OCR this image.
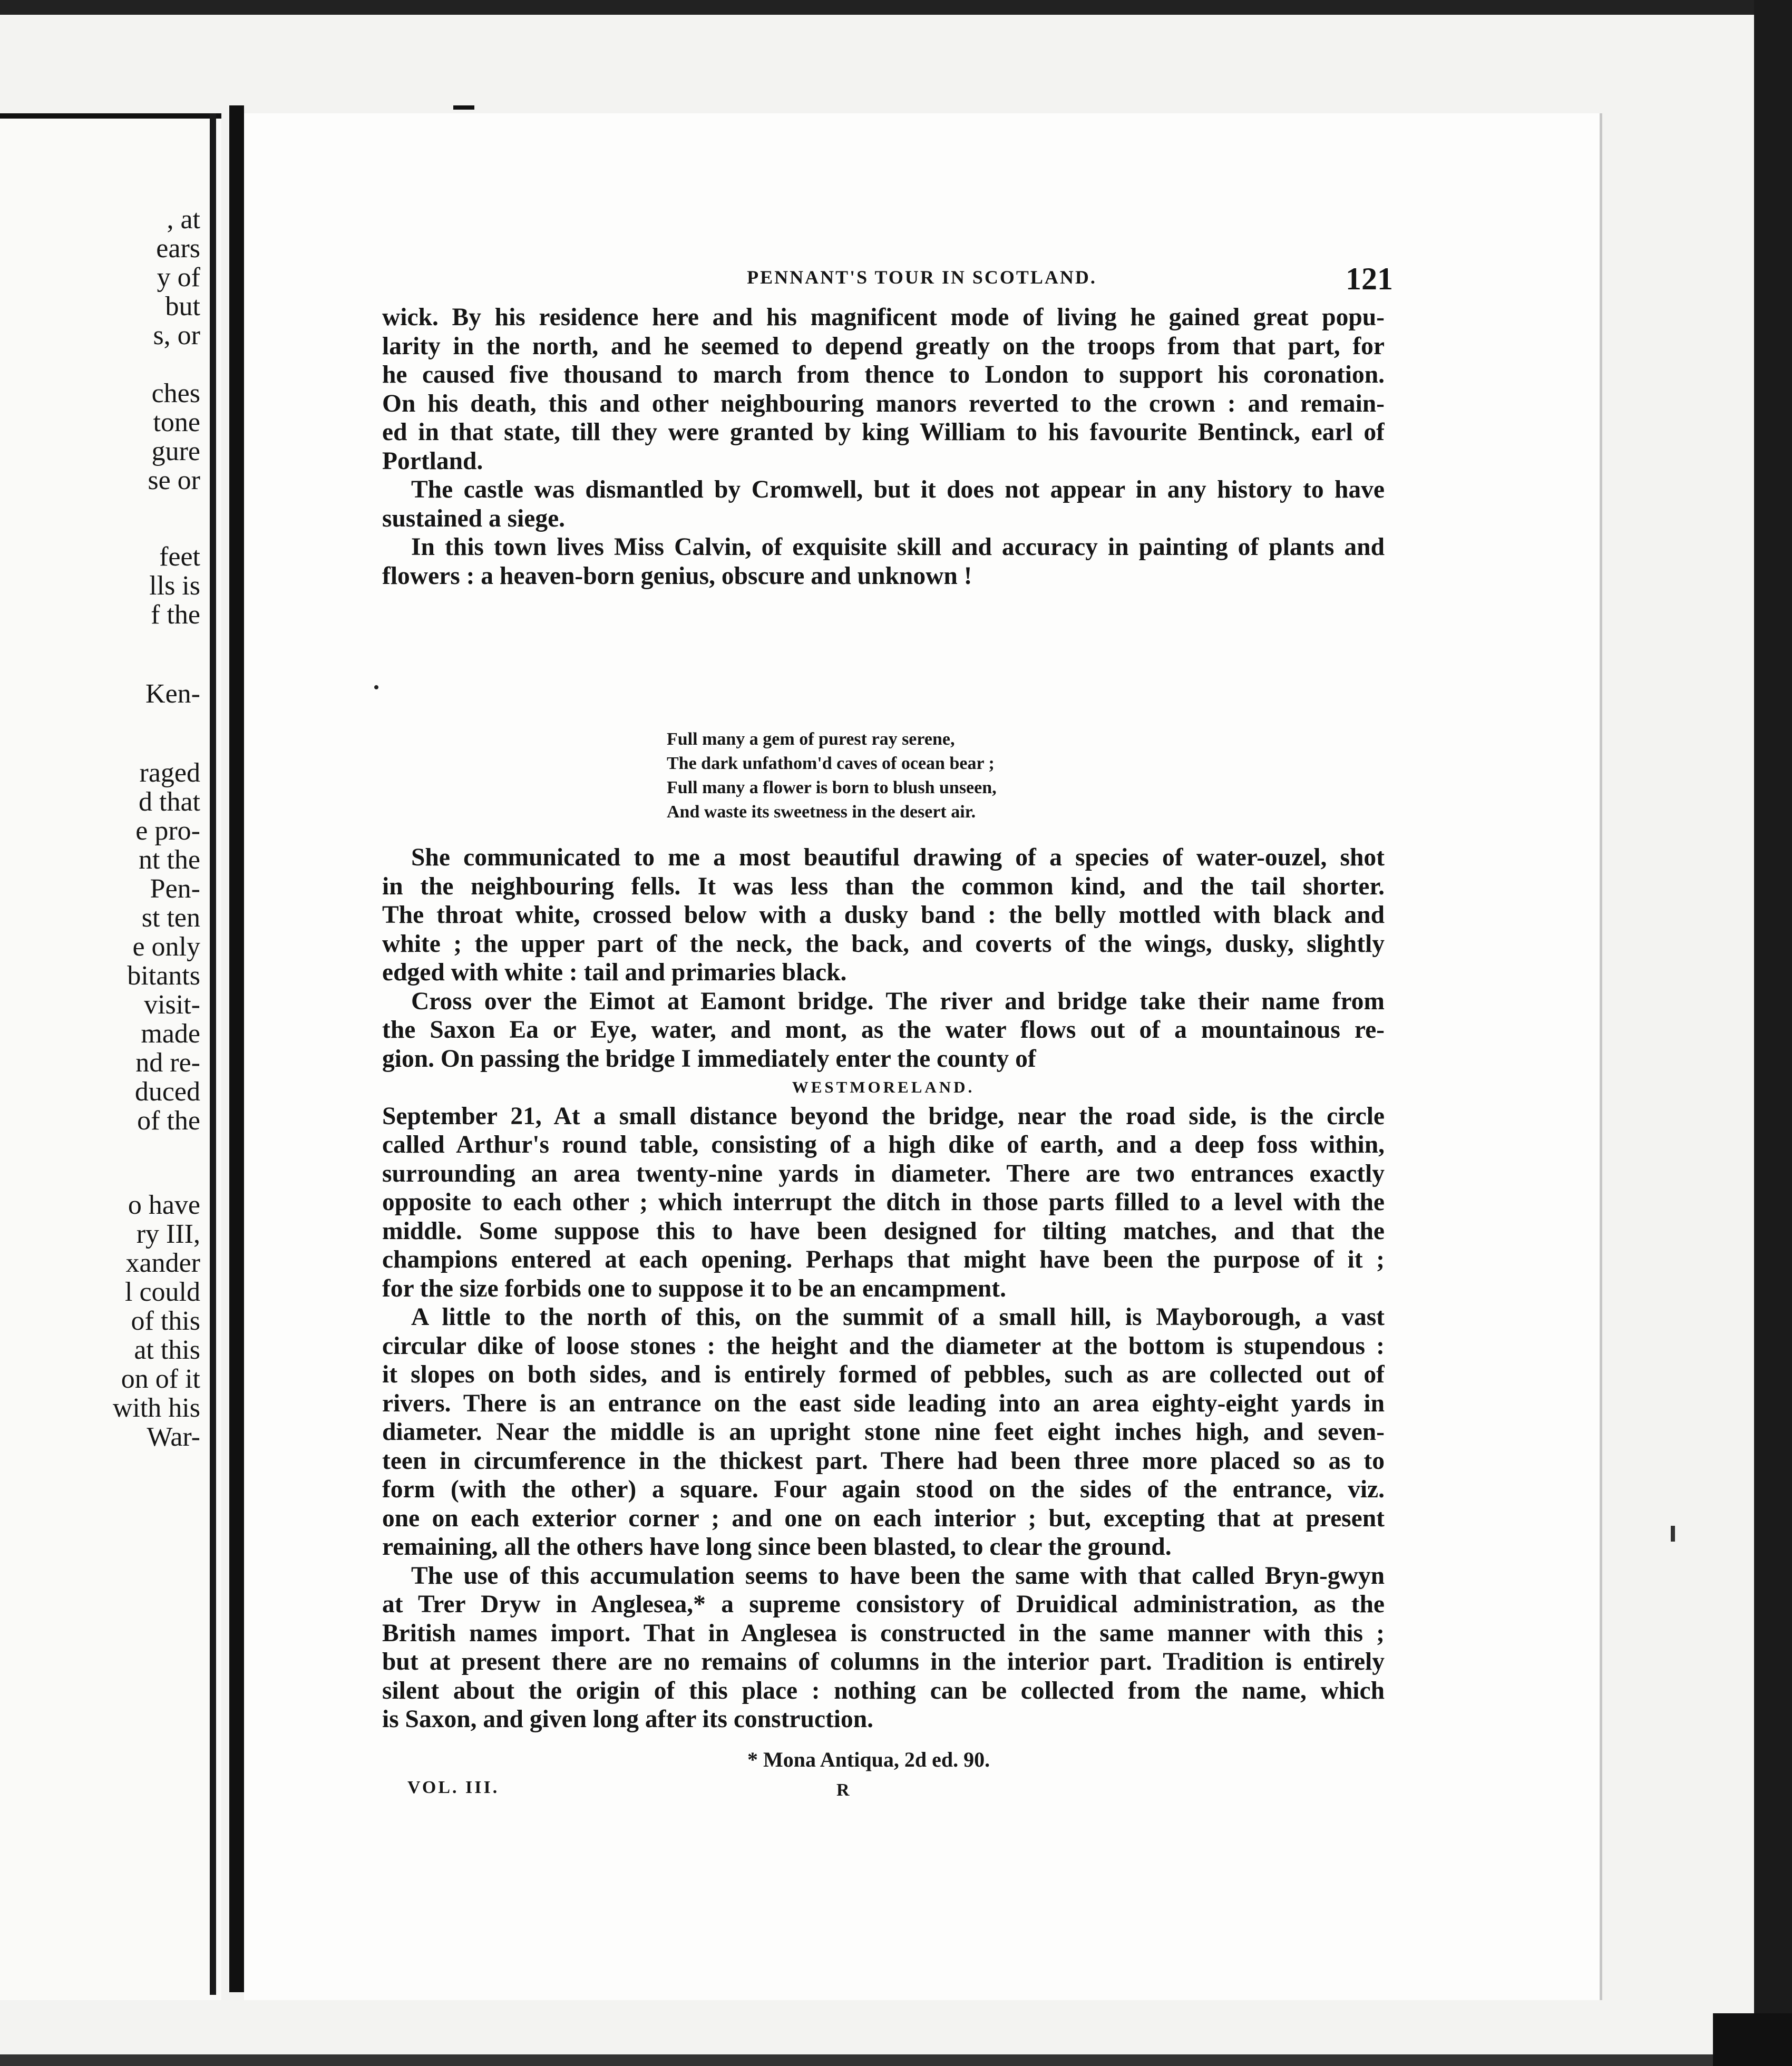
, at
ears
y of
but
s, or
ches
tone
gure
se or
feet
lls is
f the
Ken-
raged
d that
e pro-
nt the
Pen-
st ten
e only
bitants
visit-
made
nd re-
duced
of the
o have
ry III,
xander
l could
of this
at this
on of it
with his
War-
PENNANT'S TOUR IN SCOTLAND.	121
wick. By his residence here and his magnificent mode of living he gained great popu-
larity in the north, and he seemed to depend greatly on the troops from that part, for
he caused five thousand to march from thence to London to support his coronation.
On his death, this and other neighbouring manors reverted to the crown : and remain-
ed in that state, till they were granted by king William to his favourite Bentinck, earl of
Portland.
The castle was dismantled by Cromwell, but it does not appear in any history to have
sustained a siege.
In this town lives Miss Calvin, of exquisite skill and accuracy in painting of plants and
flowers : a heaven-born genius, obscure and unknown !
Full many a gem of purest ray serene,
The dark unfathom'd caves of ocean bear ;
Full many a flower is born to blush unseen,
And waste its sweetness in the desert air.
She communicated to me a most beautiful drawing of a species of water-ouzel, shot
in the neighbouring fells. It was less than the common kind, and the tail shorter.
The throat white, crossed below with a dusky band : the belly mottled with black and
white ; the upper part of the neck, the back, and coverts of the wings, dusky, slightly
edged with white : tail and primaries black.
Cross over the Eimot at Eamont bridge. The river and bridge take their name from
the Saxon Ea or Eye, water, and mont, as the water flows out of a mountainous re-
gion. On passing the bridge I immediately enter the county of
WESTMORELAND.
September 21, At a small distance beyond the bridge, near the road side, is the circle
called Arthur's round table, consisting of a high dike of earth, and a deep foss within,
surrounding an area twenty-nine yards in diameter. There are two entrances exactly
opposite to each other ; which interrupt the ditch in those parts filled to a level with the
middle. Some suppose this to have been designed for tilting matches, and that the
champions entered at each opening. Perhaps that might have been the purpose of it ;
for the size forbids one to suppose it to be an encampment.
A little to the north of this, on the summit of a small hill, is Mayborough, a vast
circular dike of loose stones : the height and the diameter at the bottom is stupendous :
it slopes on both sides, and is entirely formed of pebbles, such as are collected out of
rivers. There is an entrance on the east side leading into an area eighty-eight yards in
diameter. Near the middle is an upright stone nine feet eight inches high, and seven-
teen in circumference in the thickest part. There had been three more placed so as to
form (with the other) a square. Four again stood on the sides of the entrance, viz.
one on each exterior corner ; and one on each interior ; but, excepting that at present
remaining, all the others have long since been blasted, to clear the ground.
The use of this accumulation seems to have been the same with that called Bryn-gwyn
at Trer Dryw in Anglesea,* a supreme consistory of Druidical administration, as the
British names import. That in Anglesea is constructed in the same manner with this ;
but at present there are no remains of columns in the interior part. Tradition is entirely
silent about the origin of this place : nothing can be collected from the name, which
is Saxon, and given long after its construction.
* Mona Antiqua, 2d ed. 90.
VOL. III.	R
